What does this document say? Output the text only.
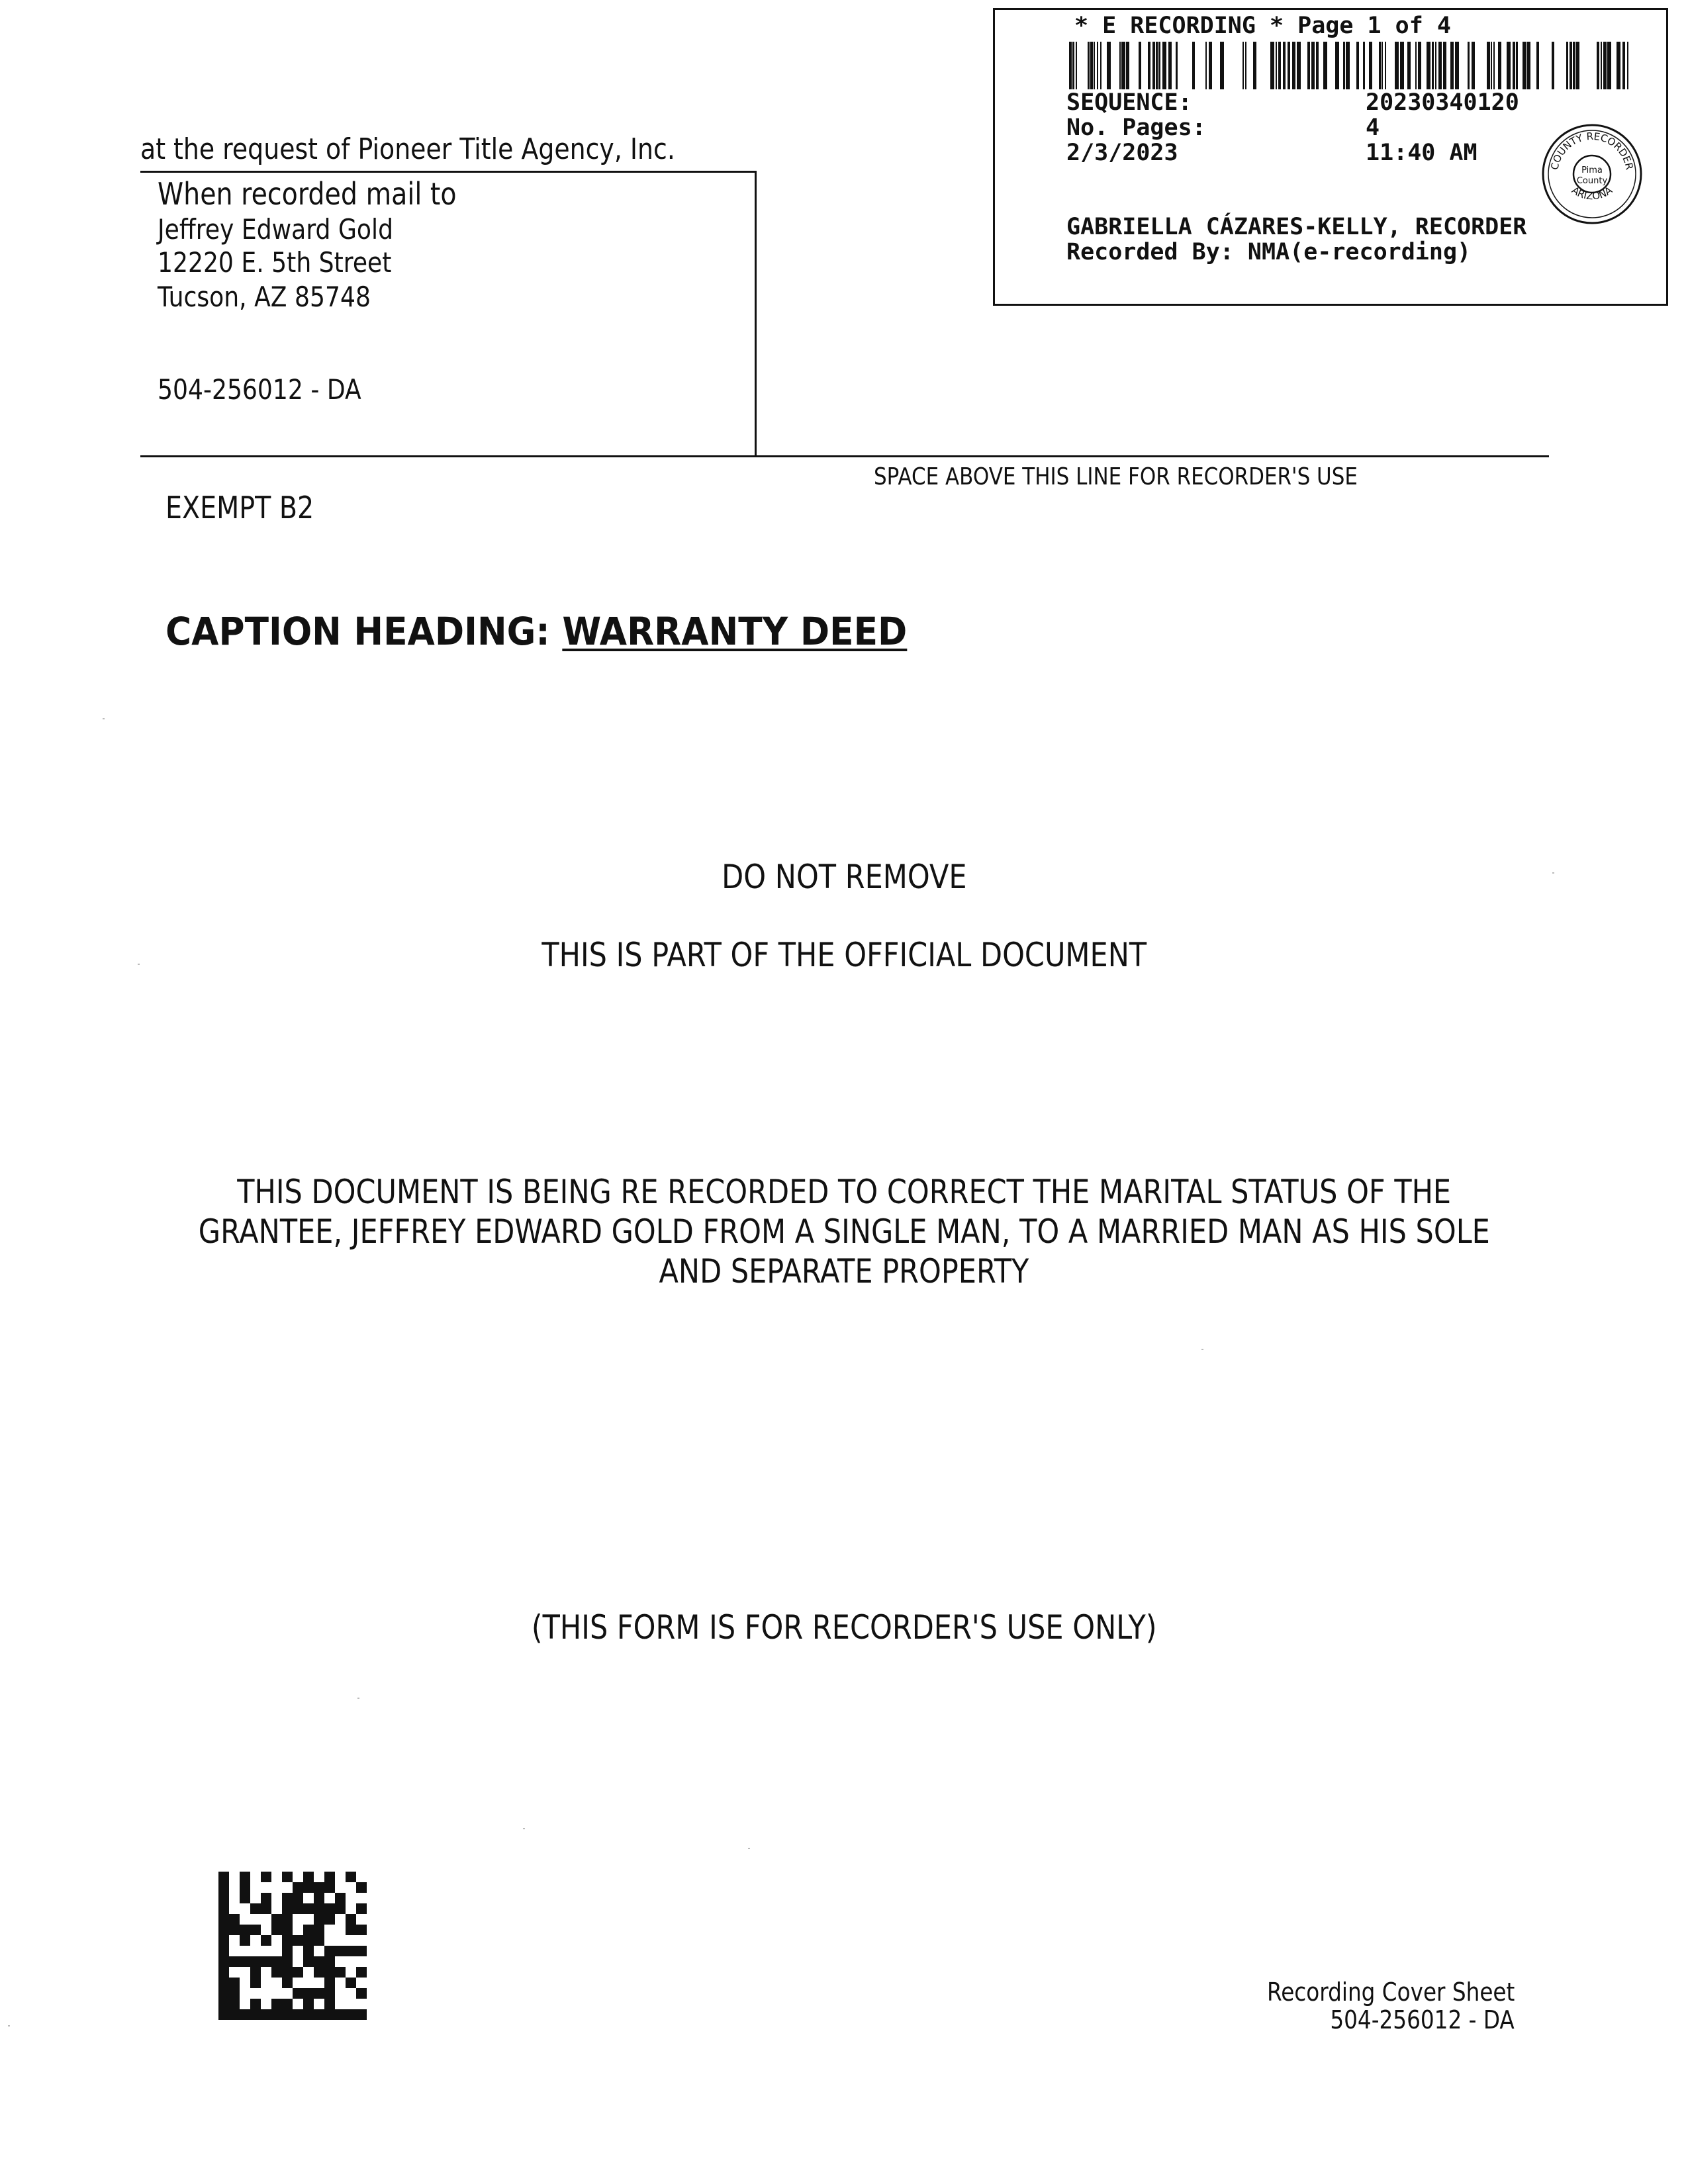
* E RECORDING * Page 1 of 4
SEQUENCE:	20230340120
No. Pages:	4
2/3/2023	11:40 AM
COUNTY RECORDER
ARIZONA
Pima
County
GABRIELLA CÁZARES-KELLY, RECORDER
Recorded By: NMA(e-recording)
at the request of Pioneer Title Agency, Inc.
When recorded mail to
Jeffrey Edward Gold
12220 E. 5th Street
Tucson, AZ 85748
504-256012 - DA
SPACE ABOVE THIS LINE FOR RECORDER'S USE
EXEMPT B2
CAPTION HEADING: WARRANTY DEED
DO NOT REMOVE
THIS IS PART OF THE OFFICIAL DOCUMENT
THIS DOCUMENT IS BEING RE RECORDED TO CORRECT THE MARITAL STATUS OF THE
GRANTEE, JEFFREY EDWARD GOLD FROM A SINGLE MAN, TO A MARRIED MAN AS HIS SOLE
AND SEPARATE PROPERTY
(THIS FORM IS FOR RECORDER'S USE ONLY)
Recording Cover Sheet
504-256012 - DA
